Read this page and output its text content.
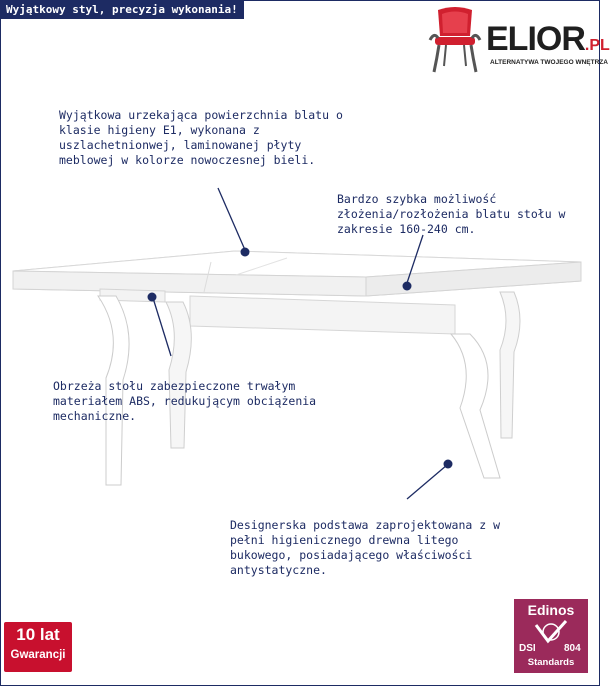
Wyjątkowy styl, precyzja wykonania!
ELIOR.PL
ALTERNATYWA TWOJEGO WNĘTRZA
Wyjątkowa urzekająca powierzchnia blatu o klasie higieny E1, wykonana z uszlachetnionwej, laminowanej płyty meblowej w kolorze nowoczesnej bieli.
Bardzo szybka możliwość złożenia/rozłożenia blatu stołu w zakresie 160-240 cm.
Obrzeża stołu zabezpieczone trwałym materiałem ABS, redukującym obciążenia mechaniczne.
Designerska podstawa zaprojektowana z w pełni higienicznego drewna litego bukowego, posiadającego właściwości antystatyczne.
10 lat
Gwarancji
Edinos
DSI	804
Standards
